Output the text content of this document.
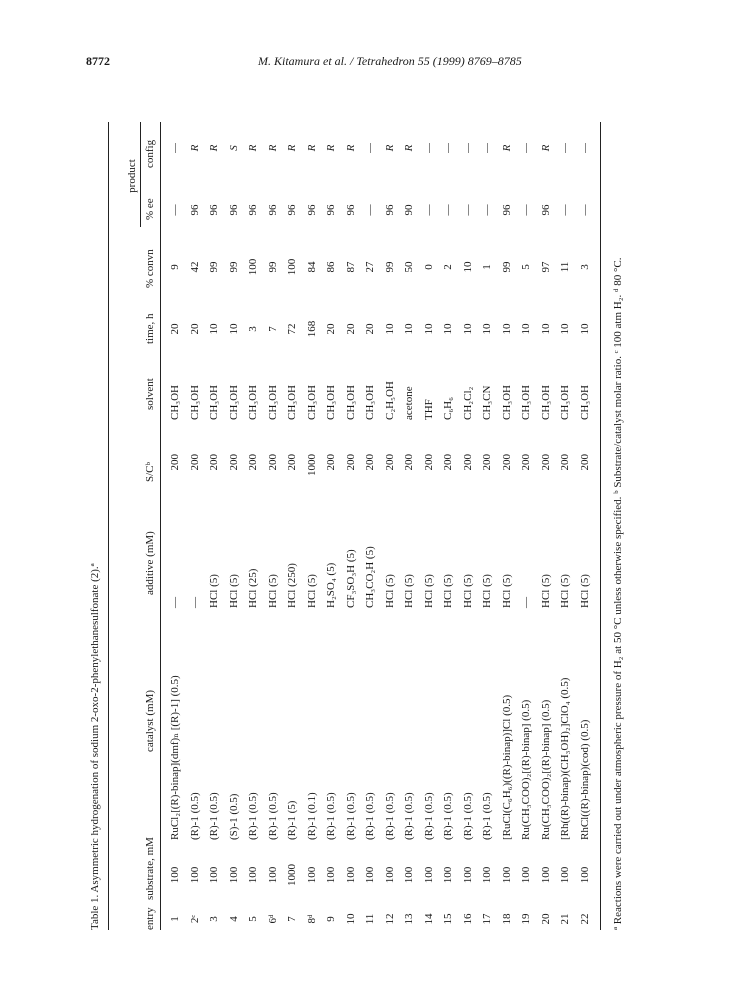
8772	M. Kitamura et al. / Tetrahedron 55 (1999) 8769–8785
Table 1. Asymmetric hydrogenation of sodium 2-oxo-2-phenylethanesulfonate (2).ª
product
entry
substrate, mM
catalyst (mM)
additive (mM)
S/Cᵇ
solvent
time, h
% convn
% ee
config
1
100
RuCl₂[(R)-binap](dmf)ₙ [(R)-1] (0.5)
—
200
CH₃OH
20
9
—
—
2ᶜ
100
(R)-1 (0.5)
—
200
CH₃OH
20
42
96
R
3
100
(R)-1 (0.5)
HCl (5)
200
CH₃OH
10
99
96
R
4
100
(S)-1 (0.5)
HCl (5)
200
CH₃OH
10
99
96
S
5
100
(R)-1 (0.5)
HCl (25)
200
CH₃OH
3
100
96
R
6ᵈ
100
(R)-1 (0.5)
HCl (5)
200
CH₃OH
7
99
96
R
7
1000
(R)-1 (5)
HCl (250)
200
CH₃OH
72
100
96
R
8ᵈ
100
(R)-1 (0.1)
HCl (5)
1000
CH₃OH
168
84
96
R
9
100
(R)-1 (0.5)
H₂SO₄ (5)
200
CH₃OH
20
86
96
R
10
100
(R)-1 (0.5)
CF₃SO₃H (5)
200
CH₃OH
20
87
96
R
11
100
(R)-1 (0.5)
CH₃CO₂H (5)
200
CH₃OH
20
27
—
—
12
100
(R)-1 (0.5)
HCl (5)
200
C₂H₅OH
10
99
96
R
13
100
(R)-1 (0.5)
HCl (5)
200
acetone
10
50
90
R
14
100
(R)-1 (0.5)
HCl (5)
200
THF
10
0
—
—
15
100
(R)-1 (0.5)
HCl (5)
200
C₆H₆
10
2
—
—
16
100
(R)-1 (0.5)
HCl (5)
200
CH₂Cl₂
10
10
—
—
17
100
(R)-1 (0.5)
HCl (5)
200
CH₃CN
10
1
—
—
18
100
[RuCl(C₆H₆)((R)-binap)]Cl (0.5)
HCl (5)
200
CH₃OH
10
99
96
R
19
100
Ru(CH₃COO)₂[(R)-binap] (0.5)
—
200
CH₃OH
10
5
—
—
20
100
Ru(CH₃COO)₂[(R)-binap] (0.5)
HCl (5)
200
CH₃OH
10
97
96
R
21
100
[Rh((R)-binap)(CH₃OH)₂]ClO₄ (0.5)
HCl (5)
200
CH₃OH
10
11
—
—
22
100
RhCl((R)-binap)(cod) (0.5)
HCl (5)
200
CH₃OH
10
3
—
—
ª Reactions were carried out under atmospheric pressure of H₂ at 50 °C unless otherwise specified. ᵇ Substrate/catalyst molar ratio. ᶜ 100 atm H₂. ᵈ 80 °C.
